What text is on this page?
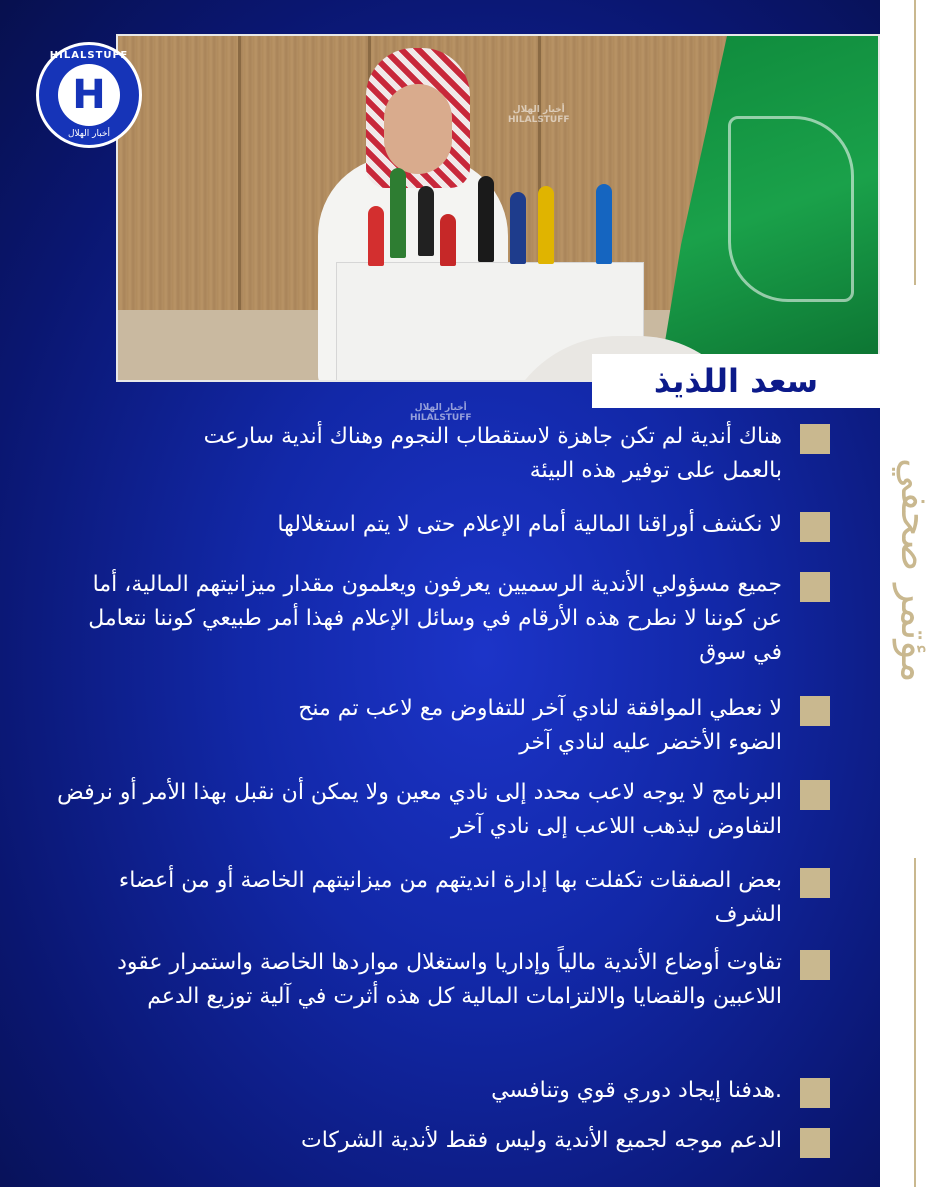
أخبار الهلال
HILALSTUFF
HILALSTUFF
H
أخبار الهلال
سعد اللذيذ
أخبار الهلال
HILALSTUFF
هناك أندية لم تكن جاهزة لاستقطاب النجوم وهناك أندية سارعت بالعمل على توفير هذه البيئة
لا نكشف أوراقنا المالية أمام الإعلام حتى لا يتم استغلالها
جميع مسؤولي الأندية الرسميين يعرفون ويعلمون مقدار ميزانيتهم المالية، أما عن كوننا لا نطرح هذه الأرقام في وسائل الإعلام فهذا أمر طبيعي كوننا نتعامل في سوق
لا نعطي الموافقة لنادي آخر للتفاوض مع لاعب تم منح الضوء الأخضر عليه لنادي آخر
البرنامج لا يوجه لاعب محدد إلى نادي معين ولا يمكن أن نقبل بهذا الأمر أو نرفض التفاوض ليذهب اللاعب إلى نادي آخر
بعض الصفقات تكفلت بها إدارة انديتهم من ميزانيتهم الخاصة أو من أعضاء الشرف
تفاوت أوضاع الأندية مالياً وإداريا واستغلال مواردها الخاصة واستمرار عقود اللاعبين والقضايا والالتزامات المالية كل هذه أثرت في آلية توزيع الدعم
.هدفنا إيجاد دوري قوي وتنافسي
الدعم موجه لجميع الأندية وليس فقط لأندية الشركات
مؤتمر صحفي
